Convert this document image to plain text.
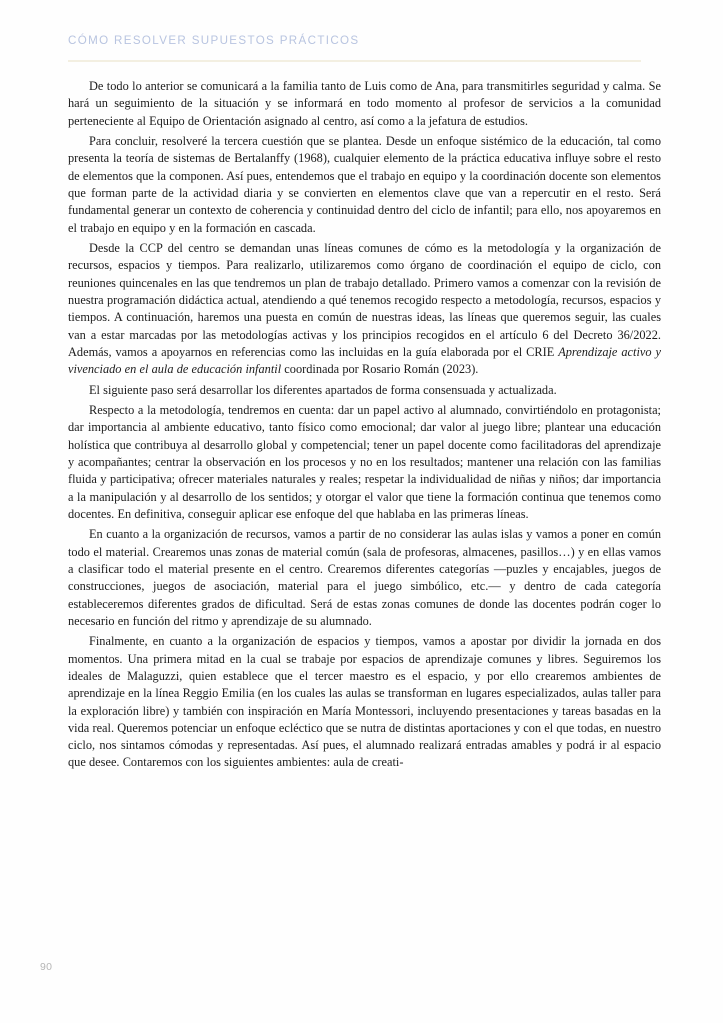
CÓMO RESOLVER SUPUESTOS PRÁCTICOS

De todo lo anterior se comunicará a la familia tanto de Luis como de Ana, para transmitirles seguridad y calma. Se hará un seguimiento de la situación y se informará en todo momento al profesor de servicios a la comunidad perteneciente al Equipo de Orientación asignado al centro, así como a la jefatura de estudios.

Para concluir, resolveré la tercera cuestión que se plantea. Desde un enfoque sistémico de la educación, tal como presenta la teoría de sistemas de Bertalanffy (1968), cualquier elemento de la práctica educativa influye sobre el resto de elementos que la componen. Así pues, entendemos que el trabajo en equipo y la coordinación docente son elementos que forman parte de la actividad diaria y se convierten en elementos clave que van a repercutir en el resto. Será fundamental generar un contexto de coherencia y continuidad dentro del ciclo de infantil; para ello, nos apoyaremos en el trabajo en equipo y en la formación en cascada.

Desde la CCP del centro se demandan unas líneas comunes de cómo es la metodología y la organización de recursos, espacios y tiempos. Para realizarlo, utilizaremos como órgano de coordinación el equipo de ciclo, con reuniones quincenales en las que tendremos un plan de trabajo detallado. Primero vamos a comenzar con la revisión de nuestra programación didáctica actual, atendiendo a qué tenemos recogido respecto a metodología, recursos, espacios y tiempos. A continuación, haremos una puesta en común de nuestras ideas, las líneas que queremos seguir, las cuales van a estar marcadas por las metodologías activas y los principios recogidos en el artículo 6 del Decreto 36/2022. Además, vamos a apoyarnos en referencias como las incluidas en la guía elaborada por el CRIE Aprendizaje activo y vivenciado en el aula de educación infantil coordinada por Rosario Román (2023).

El siguiente paso será desarrollar los diferentes apartados de forma consensuada y actualizada.

Respecto a la metodología, tendremos en cuenta: dar un papel activo al alumnado, convirtiéndolo en protagonista; dar importancia al ambiente educativo, tanto físico como emocional; dar valor al juego libre; plantear una educación holística que contribuya al desarrollo global y competencial; tener un papel docente como facilitadoras del aprendizaje y acompañantes; centrar la observación en los procesos y no en los resultados; mantener una relación con las familias fluida y participativa; ofrecer materiales naturales y reales; respetar la individualidad de niñas y niños; dar importancia a la manipulación y al desarrollo de los sentidos; y otorgar el valor que tiene la formación continua que tenemos como docentes. En definitiva, conseguir aplicar ese enfoque del que hablaba en las primeras líneas.

En cuanto a la organización de recursos, vamos a partir de no considerar las aulas islas y vamos a poner en común todo el material. Crearemos unas zonas de material común (sala de profesoras, almacenes, pasillos…) y en ellas vamos a clasificar todo el material presente en el centro. Crearemos diferentes categorías —puzles y encajables, juegos de construcciones, juegos de asociación, material para el juego simbólico, etc.— y dentro de cada categoría estableceremos diferentes grados de dificultad. Será de estas zonas comunes de donde las docentes podrán coger lo necesario en función del ritmo y aprendizaje de su alumnado.

Finalmente, en cuanto a la organización de espacios y tiempos, vamos a apostar por dividir la jornada en dos momentos. Una primera mitad en la cual se trabaje por espacios de aprendizaje comunes y libres. Seguiremos los ideales de Malaguzzi, quien establece que el tercer maestro es el espacio, y por ello crearemos ambientes de aprendizaje en la línea Reggio Emilia (en los cuales las aulas se transforman en lugares especializados, aulas taller para la exploración libre) y también con inspiración en María Montessori, incluyendo presentaciones y tareas basadas en la vida real. Queremos potenciar un enfoque ecléctico que se nutra de distintas aportaciones y con el que todas, en nuestro ciclo, nos sintamos cómodas y representadas. Así pues, el alumnado realizará entradas amables y podrá ir al espacio que desee. Contaremos con los siguientes ambientes: aula de creati-

90
